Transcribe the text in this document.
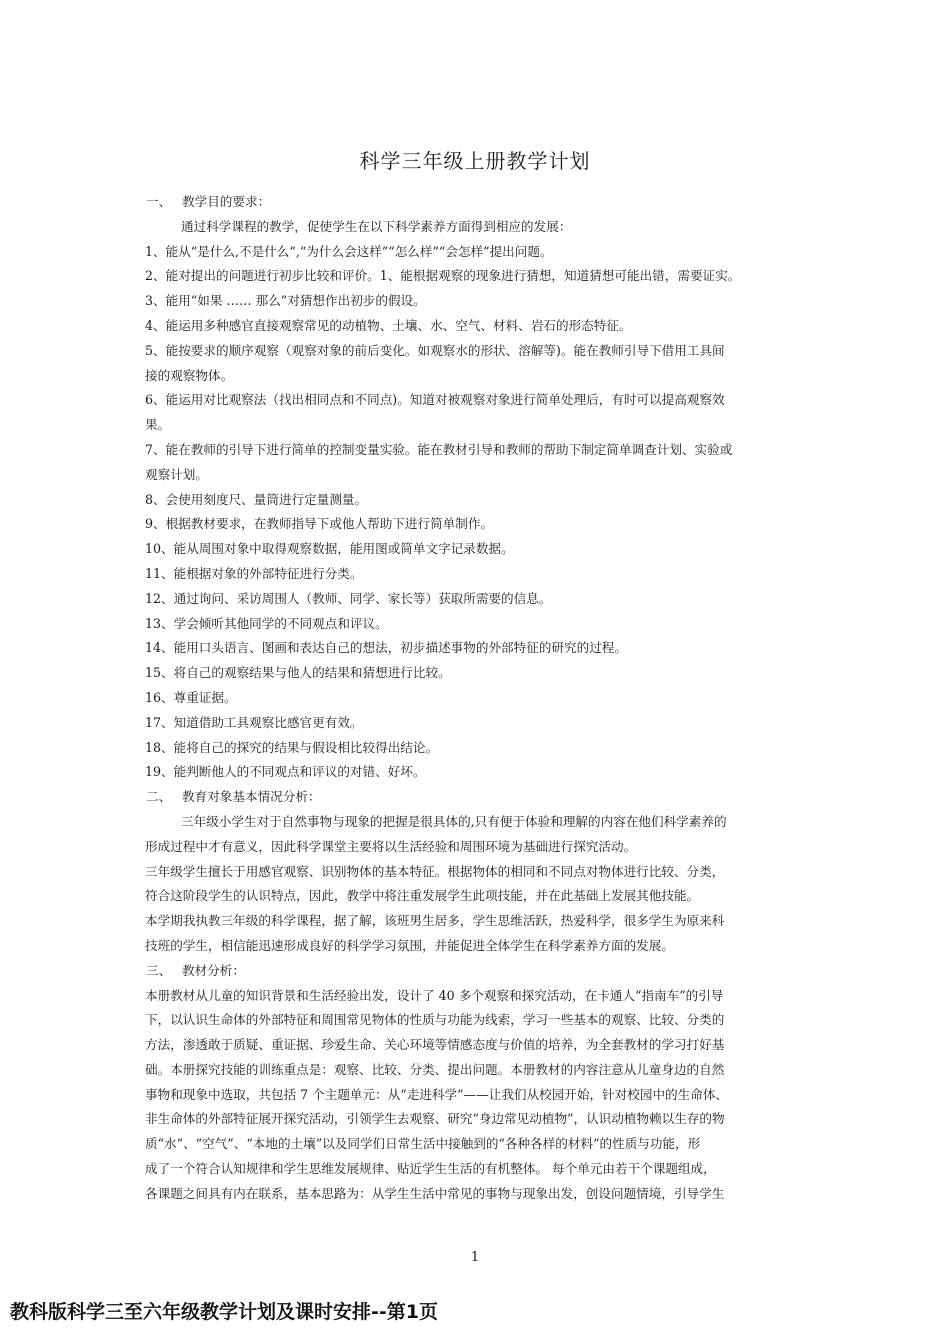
科学三年级上册教学计划
一、 教学目的要求：
通过科学课程的教学，促使学生在以下科学素养方面得到相应的发展：
1、能从“是什么,不是什么”,“为什么会这样”“怎么样”“会怎样”提出问题。
2、能对提出的问题进行初步比较和评价。1、能根据观察的现象进行猜想，知道猜想可能出错，需要证实。
3、能用“如果 …… 那么”对猜想作出初步的假设。
4、能运用多种感官直接观察常见的动植物、土壤、水、空气、材料、岩石的形态特征。
5、能按要求的顺序观察（观察对象的前后变化。如观察水的形状、溶解等)。能在教师引导下借用工具间
接的观察物体。
6、能运用对比观察法（找出相同点和不同点)。知道对被观察对象进行简单处理后，有时可以提高观察效
果。
7、能在教师的引导下进行简单的控制变量实验。能在教材引导和教师的帮助下制定简单调查计划、实验或
观察计划。
8、会使用刻度尺、量筒进行定量测量。
9、根据教材要求，在教师指导下或他人帮助下进行简单制作。
10、能从周围对象中取得观察数据，能用图或简单文字记录数据。
11、能根据对象的外部特征进行分类。
12、通过询问、采访周围人（教师、同学、家长等）获取所需要的信息。
13、学会倾听其他同学的不同观点和评议。
14、能用口头语言、图画和表达自己的想法，初步描述事物的外部特征的研究的过程。
15、将自己的观察结果与他人的结果和猜想进行比较。
16、尊重证据。
17、知道借助工具观察比感官更有效。
18、能将自己的探究的结果与假设相比较得出结论。
19、能判断他人的不同观点和评议的对错、好坏。
二、 教育对象基本情况分析：
三年级小学生对于自然事物与现象的把握是很具体的,只有便于体验和理解的内容在他们科学素养的
形成过程中才有意义，因此科学课堂主要将以生活经验和周围环境为基础进行探究活动。
三年级学生擅长于用感官观察、识别物体的基本特征。根据物体的相同和不同点对物体进行比较、分类，
符合这阶段学生的认识特点，因此，教学中将注重发展学生此项技能，并在此基础上发展其他技能。
本学期我执教三年级的科学课程，据了解，该班男生居多，学生思维活跃，热爱科学，很多学生为原来科
技班的学生，相信能迅速形成良好的科学学习氛围，并能促进全体学生在科学素养方面的发展。
三、 教材分析：
本册教材从儿童的知识背景和生活经验出发，设计了 40 多个观察和探究活动，在卡通人“指南车”的引导
下，以认识生命体的外部特征和周围常见物体的性质与功能为线索，学习一些基本的观察、比较、分类的
方法，渗透敢于质疑、重证据、珍爱生命、关心环境等情感态度与价值的培养，为全套教材的学习打好基
础。本册探究技能的训练重点是：观察、比较、分类、提出问题。本册教材的内容注意从儿童身边的自然
事物和现象中选取，共包括 7 个主题单元：从“走进科学”——让我们从校园开始，针对校园中的生命体、
非生命体的外部特征展开探究活动，引领学生去观察、研究“身边常见动植物”，认识动植物赖以生存的物
质“水”、“空气”、“本地的土壤”以及同学们日常生活中接触到的“各种各样的材料”的性质与功能，形
成了一个符合认知规律和学生思维发展规律、贴近学生生活的有机整体。 每个单元由若干个课题组成，
各课题之间具有内在联系，基本思路为：从学生生活中常见的事物与现象出发，创设问题情境，引导学生
1
教科版科学三至六年级教学计划及课时安排--第1页
